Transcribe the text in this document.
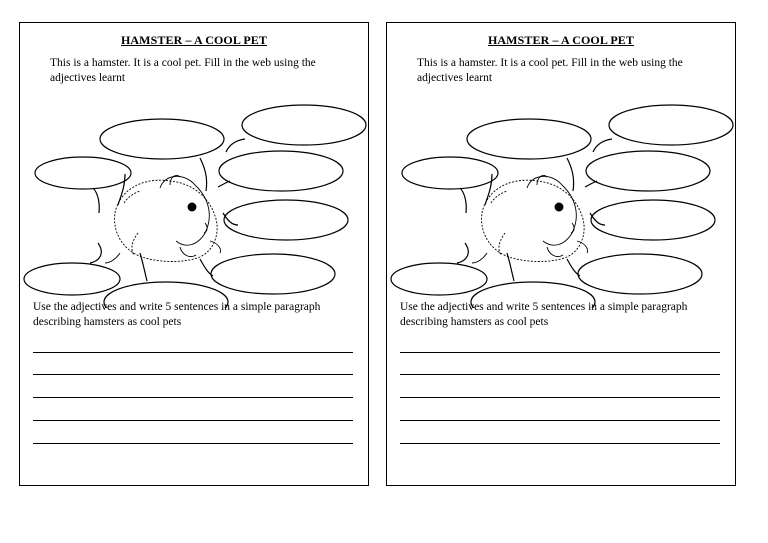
HAMSTER – A COOL PET
This is a hamster. It is a cool pet. Fill in the web using the adjectives learnt
Use the adjectives and write 5 sentences in a simple paragraph describing hamsters as cool pets
HAMSTER – A COOL PET
This is a hamster. It is a cool pet. Fill in the web using the adjectives learnt
Use the adjectives and write 5 sentences in a simple paragraph describing hamsters as cool pets
